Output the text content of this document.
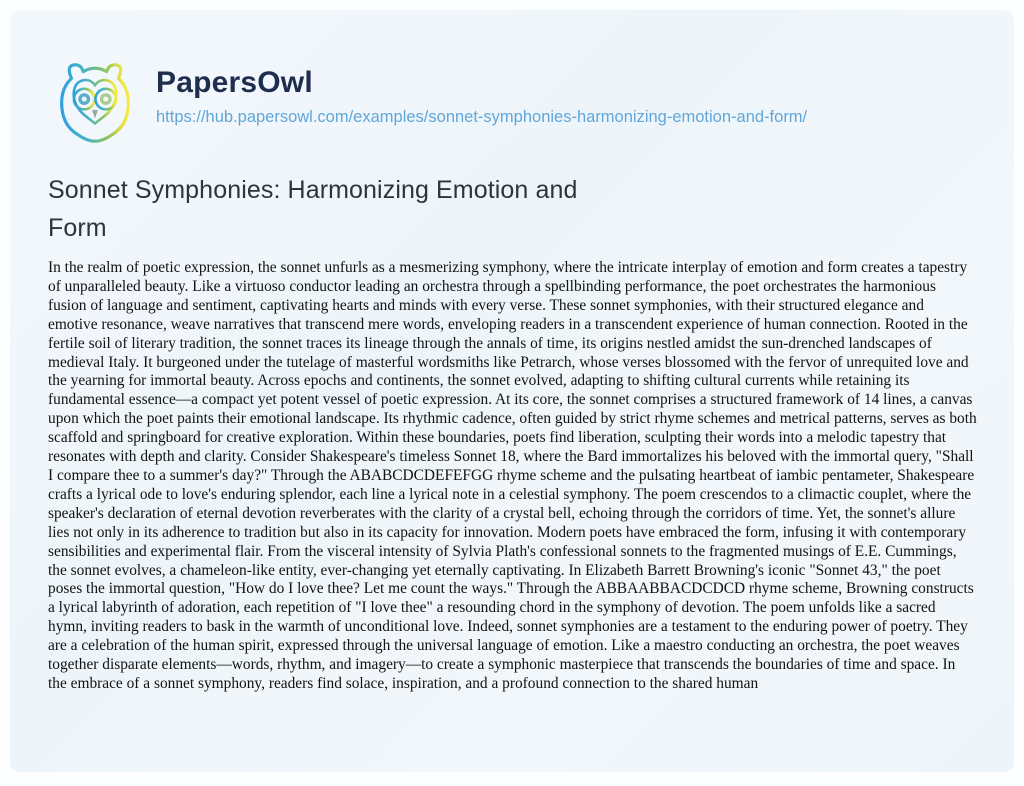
PapersOwl
https://hub.papersowl.com/examples/sonnet-symphonies-harmonizing-emotion-and-form/
Sonnet Symphonies: Harmonizing Emotion and
Form

In the realm of poetic expression, the sonnet unfurls as a mesmerizing symphony, where the intricate interplay of emotion and form creates a tapestry of unparalleled beauty. Like a virtuoso conductor leading an orchestra through a spellbinding performance, the poet orchestrates the harmonious fusion of language and sentiment, captivating hearts and minds with every verse. These sonnet symphonies, with their structured elegance and emotive resonance, weave narratives that transcend mere words, enveloping readers in a transcendent experience of human connection. Rooted in the fertile soil of literary tradition, the sonnet traces its lineage through the annals of time, its origins nestled amidst the sun-drenched landscapes of medieval Italy. It burgeoned under the tutelage of masterful wordsmiths like Petrarch, whose verses blossomed with the fervor of unrequited love and the yearning for immortal beauty. Across epochs and continents, the sonnet evolved, adapting to shifting cultural currents while retaining its fundamental essence—a compact yet potent vessel of poetic expression. At its core, the sonnet comprises a structured framework of 14 lines, a canvas upon which the poet paints their emotional landscape. Its rhythmic cadence, often guided by strict rhyme schemes and metrical patterns, serves as both scaffold and springboard for creative exploration. Within these boundaries, poets find liberation, sculpting their words into a melodic tapestry that resonates with depth and clarity. Consider Shakespeare's timeless Sonnet 18, where the Bard immortalizes his beloved with the immortal query, "Shall I compare thee to a summer's day?" Through the ABABCDCDEFEFGG rhyme scheme and the pulsating heartbeat of iambic pentameter, Shakespeare crafts a lyrical ode to love's enduring splendor, each line a lyrical note in a celestial symphony. The poem crescendos to a climactic couplet, where the speaker's declaration of eternal devotion reverberates with the clarity of a crystal bell, echoing through the corridors of time. Yet, the sonnet's allure lies not only in its adherence to tradition but also in its capacity for innovation. Modern poets have embraced the form, infusing it with contemporary sensibilities and experimental flair. From the visceral intensity of Sylvia Plath's confessional sonnets to the fragmented musings of E.E. Cummings, the sonnet evolves, a chameleon-like entity, ever-changing yet eternally captivating. In Elizabeth Barrett Browning's iconic "Sonnet 43," the poet poses the immortal question, "How do I love thee? Let me count the ways." Through the ABBAABBACDCDCD rhyme scheme, Browning constructs a lyrical labyrinth of adoration, each repetition of "I love thee" a resounding chord in the symphony of devotion. The poem unfolds like a sacred hymn, inviting readers to bask in the warmth of unconditional love. Indeed, sonnet symphonies are a testament to the enduring power of poetry. They are a celebration of the human spirit, expressed through the universal language of emotion. Like a maestro conducting an orchestra, the poet weaves together disparate elements—words, rhythm, and imagery—to create a symphonic masterpiece that transcends the boundaries of time and space. In the embrace of a sonnet symphony, readers find solace, inspiration, and a profound connection to the shared human
